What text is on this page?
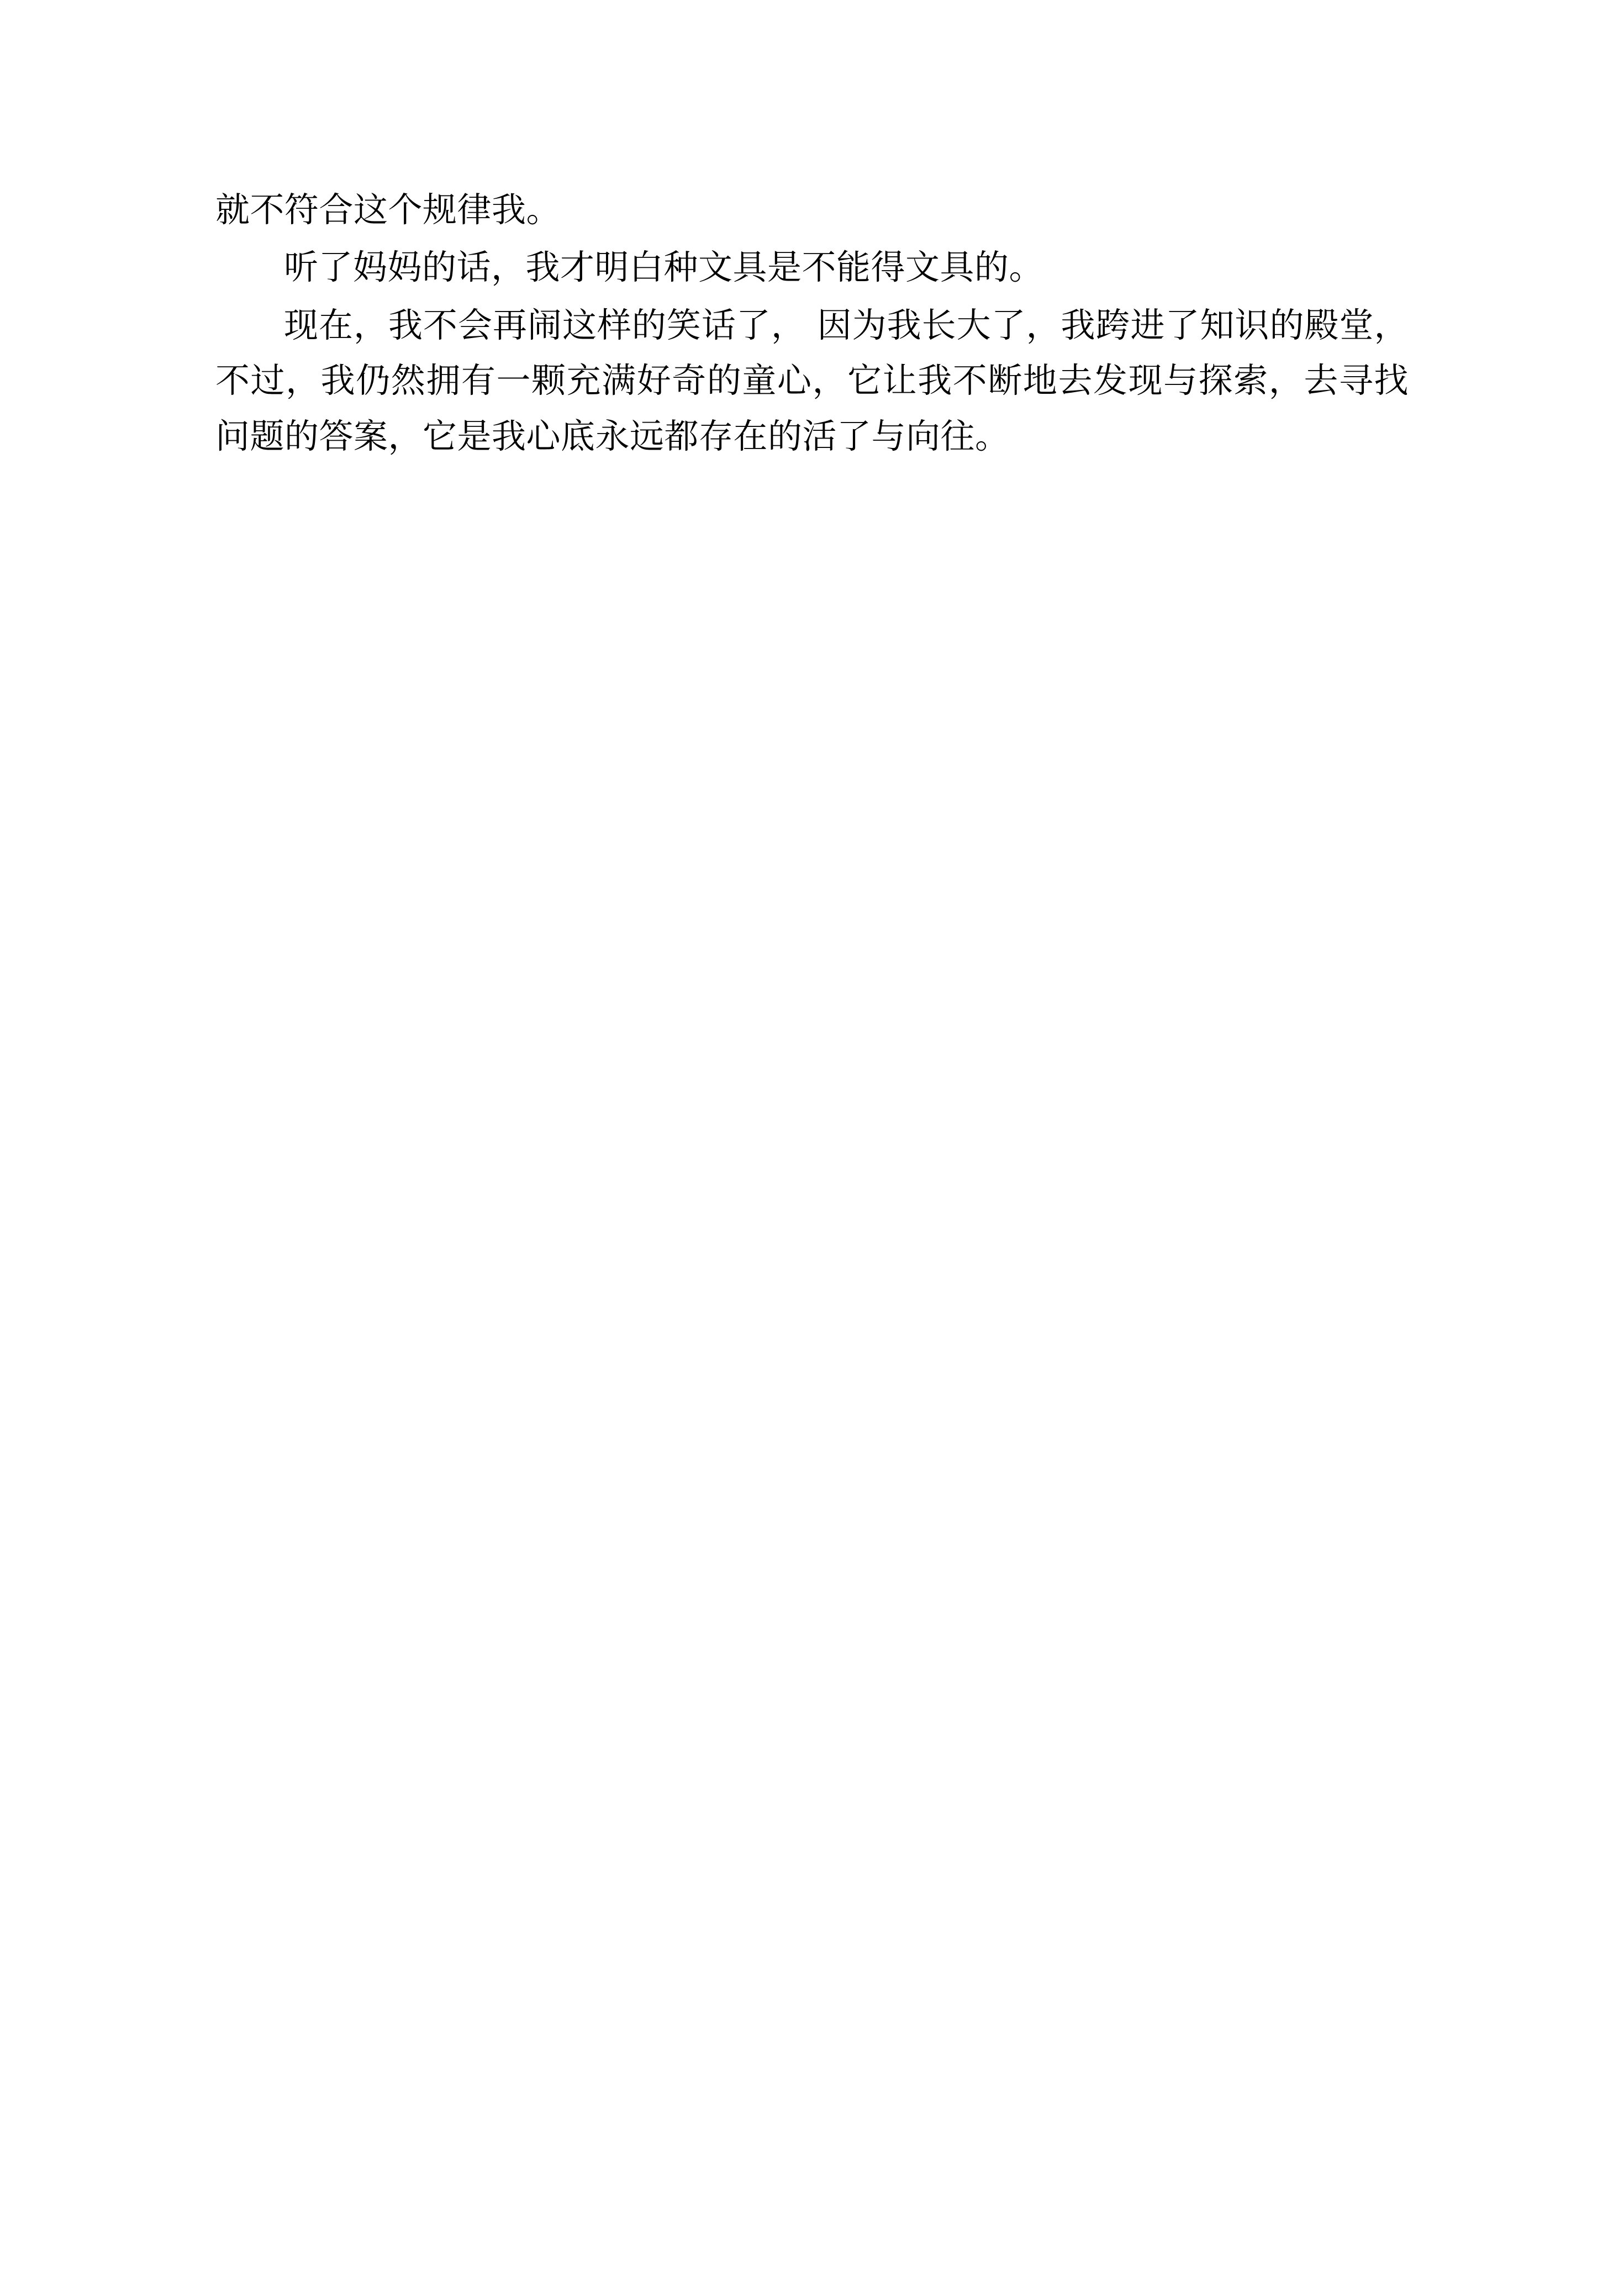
就不符合这个规律我。

听了妈妈的话，我才明白种文具是不能得文具的。

现在，我不会再闹这样的笑话了， 因为我长大了，我跨进了知识的殿堂，不过，我仍然拥有一颗充满好奇的童心，它让我不断地去发现与探索，去寻找问题的答案，它是我心底永远都存在的活了与向往。
